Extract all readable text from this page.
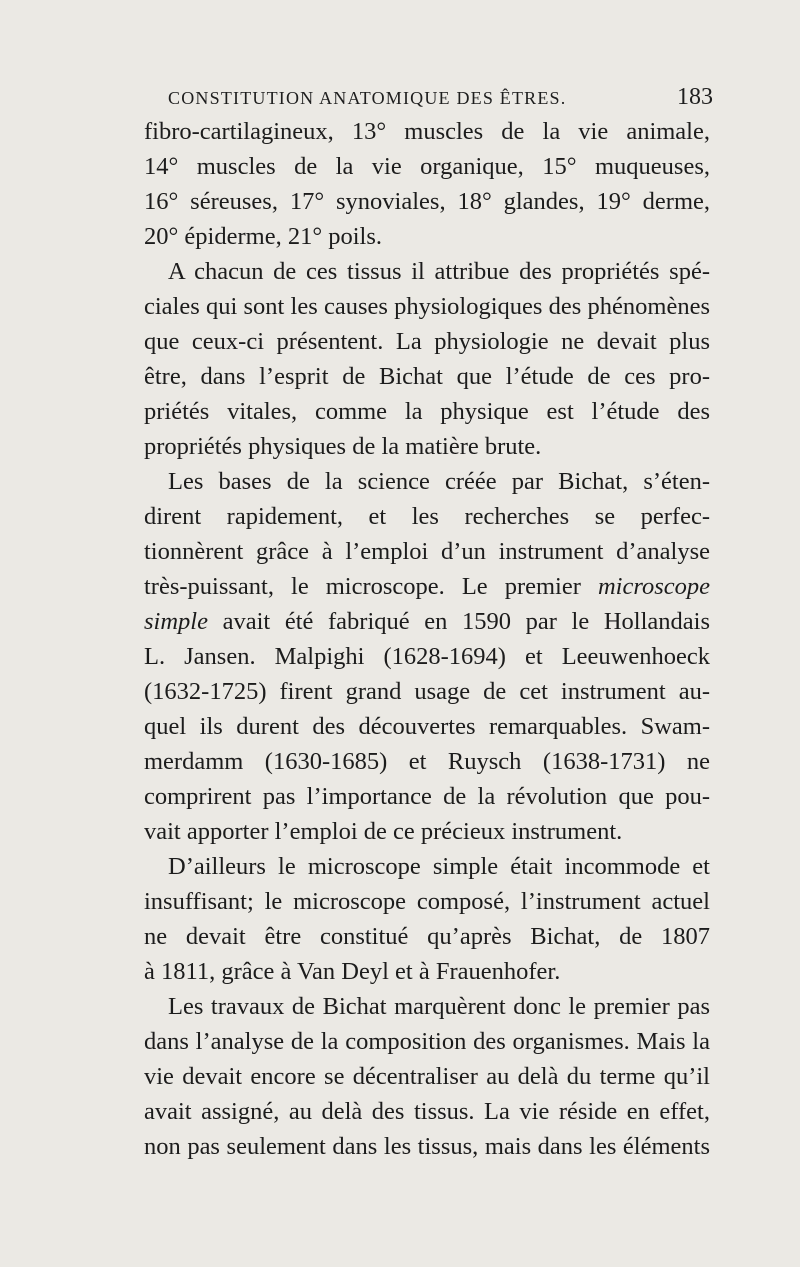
CONSTITUTION ANATOMIQUE DES ÊTRES.	183
fibro-cartilagineux, 13° muscles de la vie animale,
14° muscles de la vie organique, 15° muqueuses,
16° séreuses, 17° synoviales, 18° glandes, 19° derme,
20° épiderme, 21° poils.
A chacun de ces tissus il attribue des propriétés spé-
ciales qui sont les causes physiologiques des phénomènes
que ceux-ci présentent. La physiologie ne devait plus
être, dans l’esprit de Bichat que l’étude de ces pro-
priétés vitales, comme la physique est l’étude des
propriétés physiques de la matière brute.
Les bases de la science créée par Bichat, s’éten-
dirent rapidement, et les recherches se perfec-
tionnèrent grâce à l’emploi d’un instrument d’analyse
très-puissant, le microscope. Le premier microscope
simple avait été fabriqué en 1590 par le Hollandais
L. Jansen. Malpighi (1628-1694) et Leeuwenhoeck
(1632-1725) firent grand usage de cet instrument au-
quel ils durent des découvertes remarquables. Swam-
merdamm (1630-1685) et Ruysch (1638-1731) ne
comprirent pas l’importance de la révolution que pou-
vait apporter l’emploi de ce précieux instrument.
D’ailleurs le microscope simple était incommode et
insuffisant; le microscope composé, l’instrument actuel
ne devait être constitué qu’après Bichat, de 1807
à 1811, grâce à Van Deyl et à Frauenhofer.
Les travaux de Bichat marquèrent donc le premier pas
dans l’analyse de la composition des organismes. Mais la
vie devait encore se décentraliser au delà du terme qu’il
avait assigné, au delà des tissus. La vie réside en effet,
non pas seulement dans les tissus, mais dans les éléments
